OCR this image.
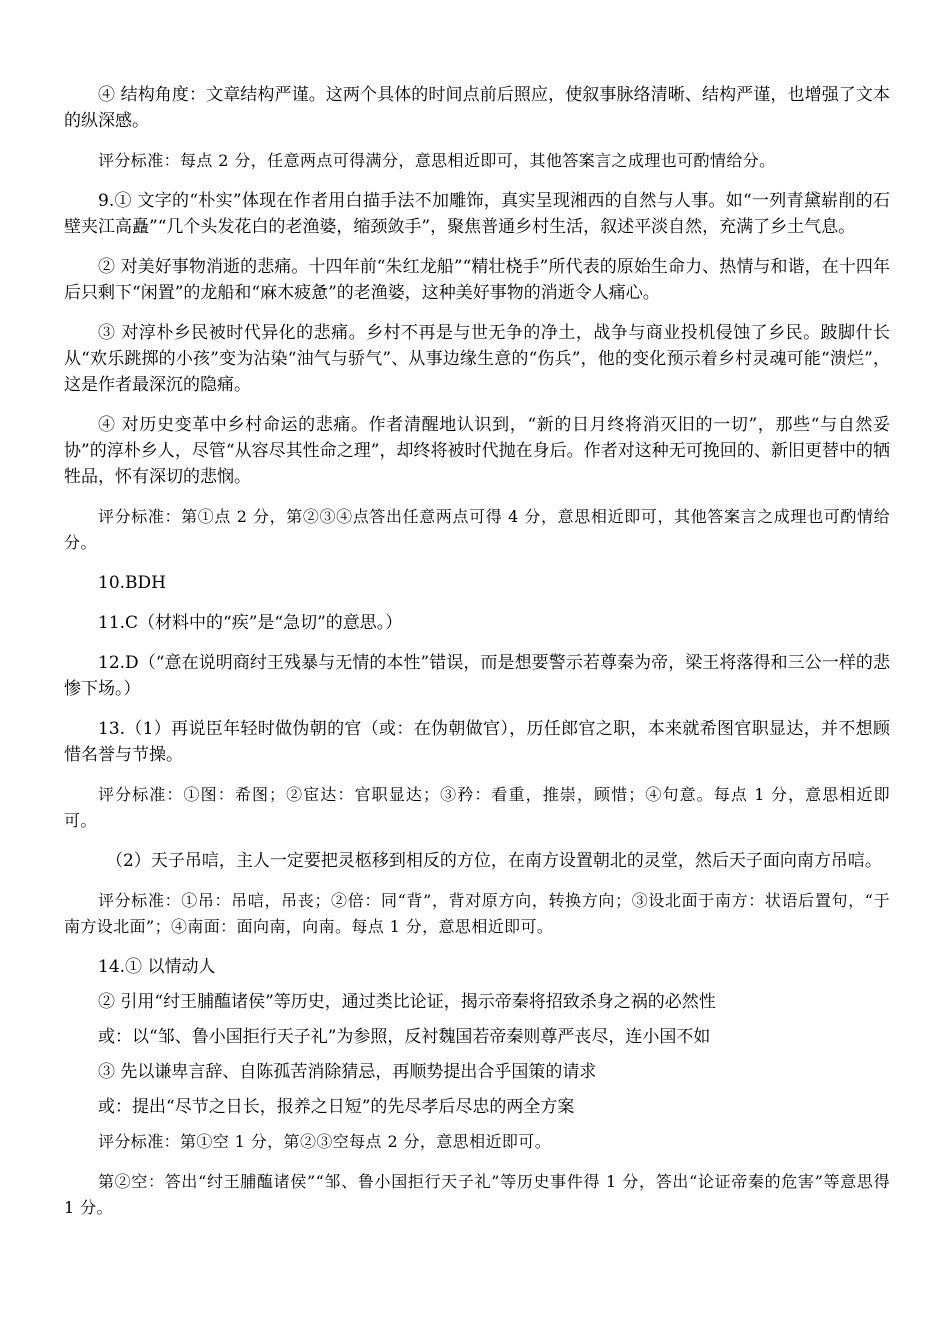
④ 结构角度：文章结构严谨。这两个具体的时间点前后照应，使叙事脉络清晰、结构严谨，也增强了文本的纵深感。

评分标准：每点 2 分，任意两点可得满分，意思相近即可，其他答案言之成理也可酌情给分。

9.① 文字的“朴实”体现在作者用白描手法不加雕饰，真实呈现湘西的自然与人事。如“一列青黛崭削的石壁夹江高矗”“几个头发花白的老渔婆，缩颈敛手”，聚焦普通乡村生活，叙述平淡自然，充满了乡土气息。

② 对美好事物消逝的悲痛。十四年前“朱红龙船”“精壮桡手”所代表的原始生命力、热情与和谐，在十四年后只剩下“闲置”的龙船和“麻木疲惫”的老渔婆，这种美好事物的消逝令人痛心。

③ 对淳朴乡民被时代异化的悲痛。乡村不再是与世无争的净土，战争与商业投机侵蚀了乡民。跛脚什长从“欢乐跳掷的小孩”变为沾染“油气与骄气”、从事边缘生意的“伤兵”，他的变化预示着乡村灵魂可能“溃烂”，这是作者最深沉的隐痛。

④ 对历史变革中乡村命运的悲痛。作者清醒地认识到，“新的日月终将消灭旧的一切”，那些“与自然妥协”的淳朴乡人，尽管“从容尽其性命之理”，却终将被时代抛在身后。作者对这种无可挽回的、新旧更替中的牺牲品，怀有深切的悲悯。

评分标准：第①点 2 分，第②③④点答出任意两点可得 4 分，意思相近即可，其他答案言之成理也可酌情给分。

10.BDH

11.C（材料中的“疾”是“急切”的意思。）

12.D（“意在说明商纣王残暴与无情的本性”错误，而是想要警示若尊秦为帝，梁王将落得和三公一样的悲惨下场。）

13.（1）再说臣年轻时做伪朝的官（或：在伪朝做官），历任郎官之职，本来就希图官职显达，并不想顾惜名誉与节操。

评分标准：①图：希图；②宦达：官职显达；③矜：看重，推崇，顾惜；④句意。每点 1 分，意思相近即可。

（2）天子吊唁，主人一定要把灵柩移到相反的方位，在南方设置朝北的灵堂，然后天子面向南方吊唁。

评分标准：①吊：吊唁，吊丧；②倍：同“背”，背对原方向，转换方向；③设北面于南方：状语后置句，“于南方设北面”；④南面：面向南，向南。每点 1 分，意思相近即可。

14.① 以情动人

② 引用“纣王脯醢诸侯”等历史，通过类比论证，揭示帝秦将招致杀身之祸的必然性

或：以“邹、鲁小国拒行天子礼”为参照，反衬魏国若帝秦则尊严丧尽，连小国不如

③ 先以谦卑言辞、自陈孤苦消除猜忌，再顺势提出合乎国策的请求

或：提出“尽节之日长，报养之日短”的先尽孝后尽忠的两全方案

评分标准：第①空 1 分，第②③空每点 2 分，意思相近即可。

第②空：答出“纣王脯醢诸侯”“邹、鲁小国拒行天子礼”等历史事件得 1 分，答出“论证帝秦的危害”等意思得 1 分。
